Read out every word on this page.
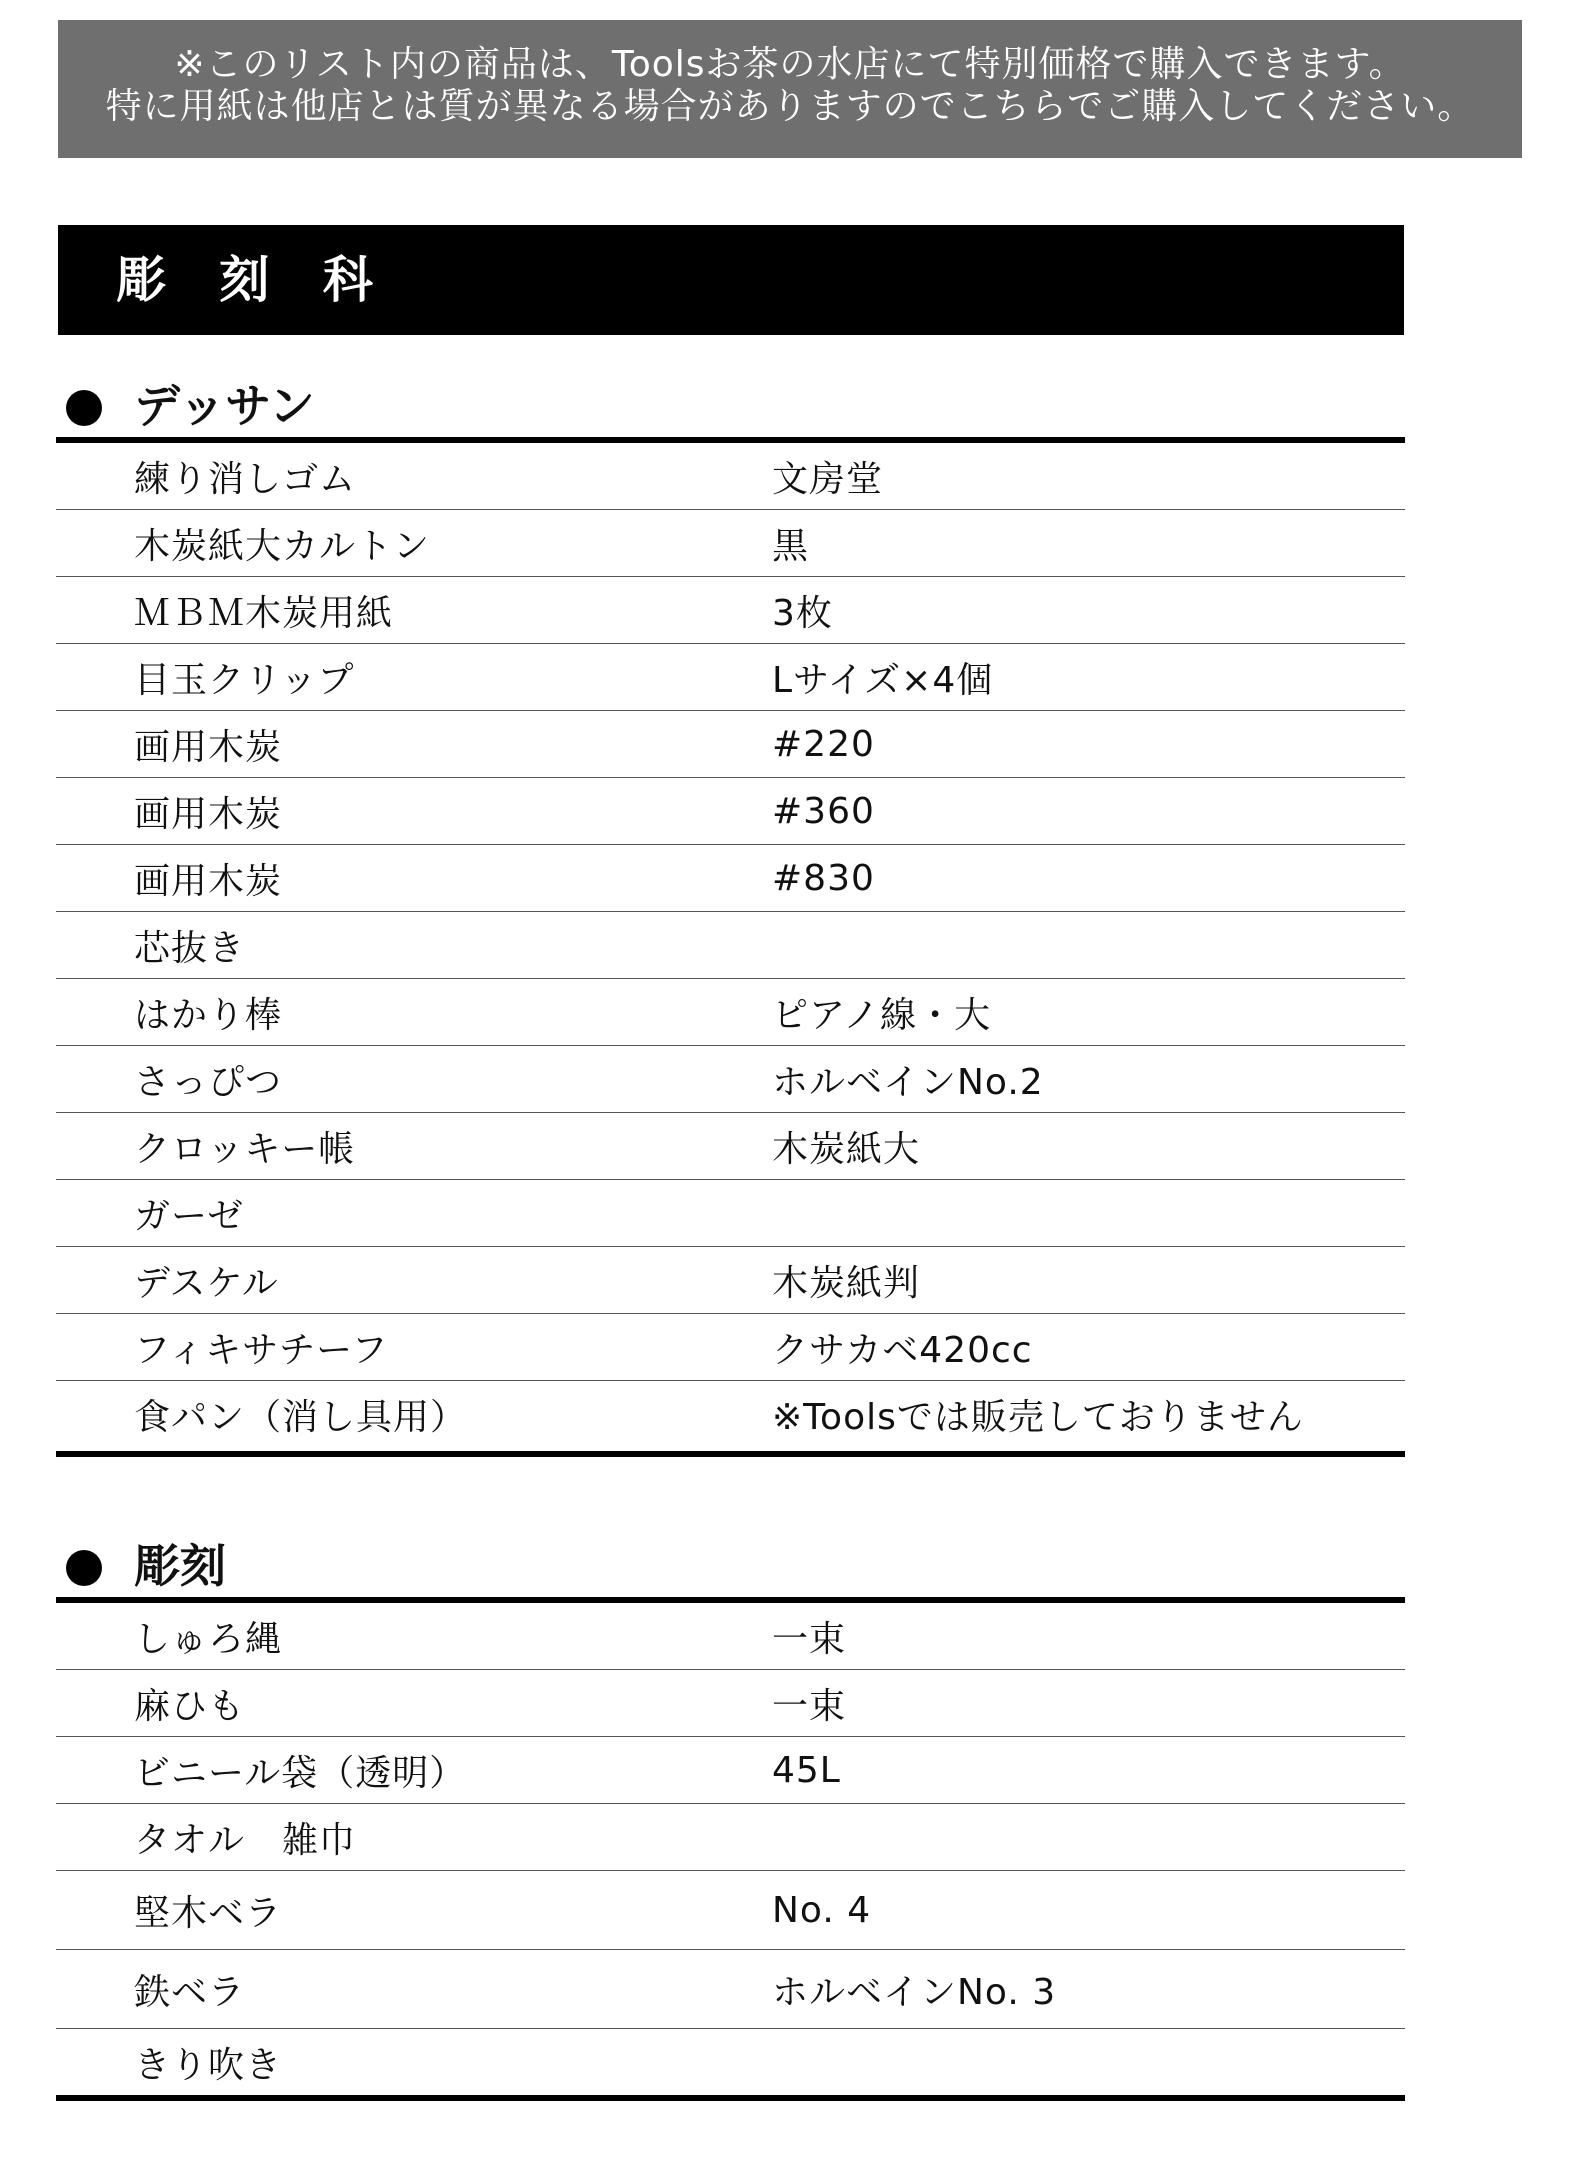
※このリスト内の商品は、Toolsお茶の水店にて特別価格で購入できます。
特に用紙は他店とは質が異なる場合がありますのでこちらでご購入してください。
彫 刻 科
デッサン
練り消しゴム	文房堂
木炭紙大カルトン	黒
ＭＢＭ木炭用紙	3枚
目玉クリップ	Lサイズ×4個
画用木炭	#220
画用木炭	#360
画用木炭	#830
芯抜き
はかり棒	ピアノ線・大
さっぴつ	ホルベインNo.2
クロッキー帳	木炭紙大
ガーゼ
デスケル	木炭紙判
フィキサチーフ	クサカベ420cc
食パン（消し具用）	※Toolsでは販売しておりません
彫刻
しゅろ縄	一束
麻ひも	一束
ビニール袋（透明）	45L
タオル　雑巾
堅木ベラ	No. 4
鉄ベラ	ホルベインNo. 3
きり吹き
